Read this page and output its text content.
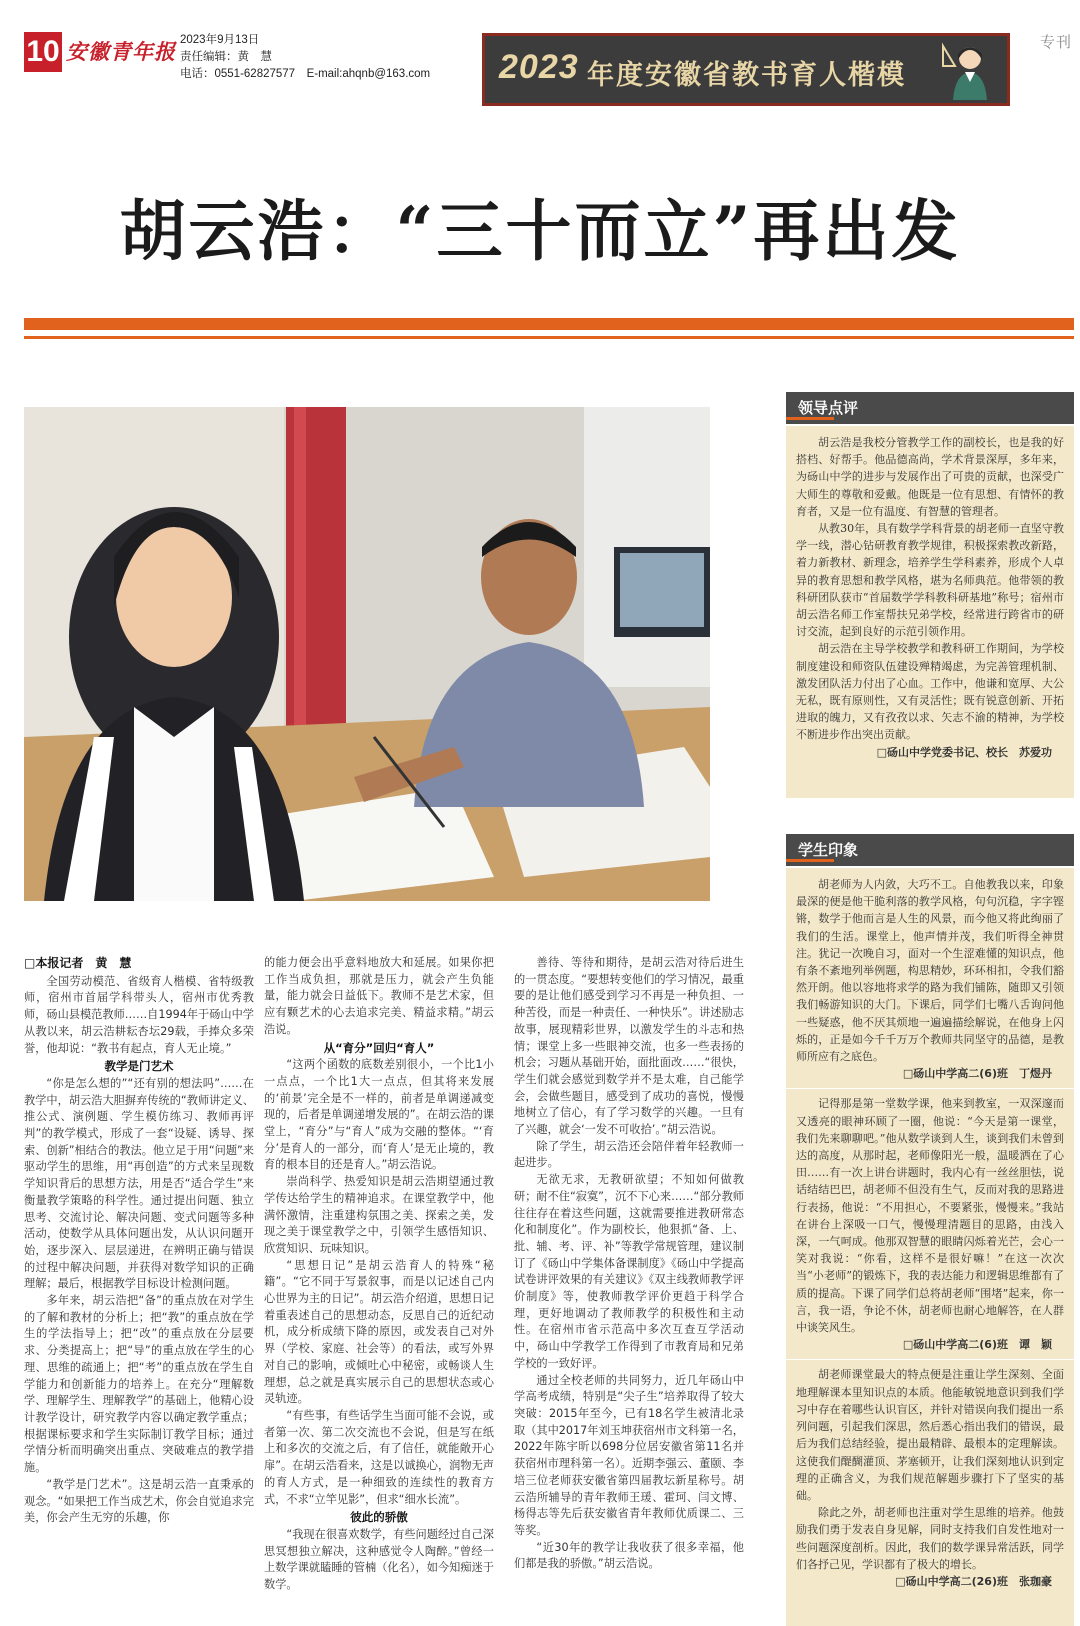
10 安徽青年报 2023年9月13日
责任编辑：黄　慧
电话：0551-62827577　E-mail:ahqnb@163.com 2023 年度安徽省教书育人楷模
专刊
胡云浩：“三十而立”再出发
领导点评

胡云浩是我校分管教学工作的副校长，也是我的好搭档、好帮手。他品德高尚，学术背景深厚，多年来，为砀山中学的进步与发展作出了可贵的贡献，也深受广大师生的尊敬和爱戴。他既是一位有思想、有情怀的教育者，又是一位有温度、有智慧的管理者。

从教30年，具有数学学科背景的胡老师一直坚守教学一线，潜心钻研教育教学规律，积极探索教改新路，着力新教材、新理念，培养学生学科素养，形成个人卓异的教育思想和教学风格，堪为名师典范。他带领的教科研团队获市“首届数学学科教科研基地”称号；宿州市胡云浩名师工作室帮扶兄弟学校，经常进行跨省市的研讨交流，起到良好的示范引领作用。

胡云浩在主导学校教学和教科研工作期间，为学校制度建设和师资队伍建设殚精竭虑，为完善管理机制、激发团队活力付出了心血。工作中，他谦和宽厚、大公无私，既有原则性，又有灵活性；既有锐意创新、开拓进取的魄力，又有孜孜以求、矢志不渝的精神，为学校不断进步作出突出贡献。

□砀山中学党委书记、校长　苏爱功

学生印象

胡老师为人内敛，大巧不工。自他教我以来，印象最深的便是他干脆利落的教学风格，句句沉稳，字字铿锵，数学于他而言是人生的风景，而今他又将此绚丽了我们的生活。课堂上，他声情并茂，我们听得全神贯注。犹记一次晚自习，面对一个生涩难懂的知识点，他有条不紊地列举例题，构思精妙，环环相扣，令我们豁然开朗。他以容地将求学的路为我们铺陈，随即又引领我们畅游知识的大门。下课后，同学们七嘴八舌询问他一些疑惑，他不厌其烦地一遍遍描绘解说，在他身上闪烁的，正是如今千千万万个教师共同坚守的品德，是教师所应有之底色。

□砀山中学高二(6)班　丁煜丹

记得那是第一堂数学课，他来到教室，一双深邃而又透亮的眼神环顾了一圈，他说：“今天是第一课堂，我们先来聊聊吧。”他从数学谈到人生，谈到我们未曾到达的高度，从那时起，老师像阳光一般，温暖洒在了心田……有一次上讲台讲题时，我内心有一丝丝胆怯，说话结结巴巴，胡老师不但没有生气，反而对我的思路进行表扬，他说：“不用担心，不要紧张，慢慢来。”我站在讲台上深吸一口气，慢慢理清题目的思路，由浅入深，一气呵成。他那双智慧的眼睛闪烁着光芒，会心一笑对我说：“你看，这样不是很好嘛！”在这一次次当“小老师”的锻炼下，我的表达能力和逻辑思维都有了质的提高。下课了同学们总将胡老师“围堵”起来，你一言，我一语，争论不休，胡老师也耐心地解答，在人群中谈笑风生。

□砀山中学高二(6)班　谭　颖

胡老师课堂最大的特点便是注重让学生深刻、全面地理解课本里知识点的本质。他能敏锐地意识到我们学习中存在着哪些认识盲区，并针对错误向我们提出一系列问题，引起我们深思，然后悉心指出我们的错误，最后为我们总结经验，提出最精辟、最根本的定理解读。这使我们醍醐灌顶、茅塞顿开，让我们深刻地认识到定理的正确含义，为我们规范解题步骤打下了坚实的基础。

除此之外，胡老师也注重对学生思维的培养。他鼓励我们勇于发表自身见解，同时支持我们自发性地对一些问题深度剖析。因此，我们的数学课异常活跃，同学们各抒己见，学识都有了极大的增长。

□砀山中学高二(26)班　张珈豪

□本报记者　黄　慧

全国劳动模范、省级育人楷模、省特级教师，宿州市首届学科带头人，宿州市优秀教师，砀山县模范教师……自1994年于砀山中学从教以来，胡云浩耕耘杏坛29载，手捧众多荣誉，他却说：“教书有起点，育人无止境。”

教学是门艺术

“你是怎么想的”“还有别的想法吗”……在教学中，胡云浩大胆摒弃传统的“教师讲定义、推公式、演例题、学生模仿练习、教师再评判”的教学模式，形成了一套“设疑、诱导、探索、创新”相结合的教法。他立足于用“问题”来驱动学生的思维，用“再创造”的方式来呈现数学知识背后的思想方法，用是否“适合学生”来衡量教学策略的科学性。通过提出问题、独立思考、交流讨论、解决问题、变式问题等多种活动，使数学从具体问题出发，从认识问题开始，逐步深入、层层递进，在辨明正确与错误的过程中解决问题，并获得对数学知识的正确理解；最后，根据教学目标设计检测问题。

多年来，胡云浩把“备”的重点放在对学生的了解和教材的分析上；把“教”的重点放在学生的学法指导上；把“改”的重点放在分层要求、分类提高上；把“导”的重点放在学生的心理、思维的疏通上；把“考”的重点放在学生自学能力和创新能力的培养上。在充分“理解数学、理解学生、理解教学”的基础上，他精心设计教学设计，研究教学内容以确定教学重点；根据课标要求和学生实际制订教学目标；通过学情分析而明确突出重点、突破难点的教学措施。

“教学是门艺术”。这是胡云浩一直秉承的观念。“如果把工作当成艺术，你会自觉追求完美，你会产生无穷的乐趣，你

的能力便会出乎意料地放大和延展。如果你把工作当成负担，那就是压力，就会产生负能量，能力就会日益低下。教师不是艺术家，但应有颗艺术的心去追求完美、精益求精。”胡云浩说。

从“育分”回归“育人”

“这两个函数的底数差别很小，一个比1小一点点，一个比1大一点点，但其将来发展的‘前景’完全是不一样的，前者是单调递减变现的，后者是单调递增发展的”。在胡云浩的课堂上，“育分”与“育人”成为交融的整体。“‘育分’是育人的一部分，而‘育人’是无止境的，教育的根本目的还是育人。”胡云浩说。

崇尚科学、热爱知识是胡云浩期望通过教学传达给学生的精神追求。在课堂教学中，他满怀激情，注重建构氛围之美、探索之美，发现之美于课堂教学之中，引领学生感悟知识、欣赏知识、玩味知识。

“思想日记”是胡云浩育人的特殊“秘籍”。“它不同于写景叙事，而是以记述自己内心世界为主的日记”。胡云浩介绍道，思想日记着重表述自己的思想动态，反思自己的近纪动机，成分析成绩下降的原因，或发表自己对外界（学校、家庭、社会等）的看法，或写外界对自己的影响，或倾吐心中秘密，或畅谈人生理想，总之就是真实展示自己的思想状态或心灵轨迹。

“有些事，有些话学生当面可能不会说，或者第一次、第二次交流也不会说，但是写在纸上和多次的交流之后，有了信任，就能敞开心扉”。在胡云浩看来，这是以诚换心，润物无声的育人方式，是一种细致的连续性的教育方式，不求“立竿见影”，但求“细水长流”。

彼此的骄傲

“我现在很喜欢数学，有些问题经过自己深思冥想独立解决，这种感觉令人陶醉。”曾经一上数学课就瞌睡的管楠（化名），如今知痴迷于数学。

善待、等待和期待，是胡云浩对待后进生的一贯态度。“要想转变他们的学习情况，最重要的是让他们感受到学习不再是一种负担、一种苦役，而是一种责任、一种快乐”。讲述励志故事，展现精彩世界，以激发学生的斗志和热情；课堂上多一些眼神交流，也多一些表扬的机会；习题从基础开始，面批面改……“很快，学生们就会感觉到数学并不是太难，自己能学会，会做些题目，感受到了成功的喜悦，慢慢地树立了信心，有了学习数学的兴趣。一旦有了兴趣，就会‘一发不可收拾’。”胡云浩说。

除了学生，胡云浩还会陪伴着年轻教师一起进步。

无欲无求，无教研欲望；不知如何做教研；耐不住“寂寞”，沉不下心来……“部分教师往往存在着这些问题，这就需要推进教研常态化和制度化”。作为副校长，他狠抓“备、上、批、辅、考、评、补”等教学常规管理，建议制订了《砀山中学集体备课制度》《砀山中学提高试卷讲评效果的有关建议》《双主线教师教学评价制度》等，使教师教学评价更趋于科学合理，更好地调动了教师教学的积极性和主动性。在宿州市省示范高中多次互查互学活动中，砀山中学教学工作得到了市教育局和兄弟学校的一致好评。

通过全校老师的共同努力，近几年砀山中学高考成绩，特别是“尖子生”培养取得了较大突破：2015年至今，已有18名学生被清北录取（其中2017年刘玉坤获宿州市文科第一名，2022年陈宇昕以698分位居安徽省第11名并获宿州市理科第一名）。近期李强云、董颐、李培三位老师获安徽省第四届教坛新星称号。胡云浩所辅导的青年教师王瑗、霍珂、闫文博、杨得志等先后获安徽省青年教师优质课二、三等奖。

“近30年的教学让我收获了很多幸福，他们都是我的骄傲。”胡云浩说。
